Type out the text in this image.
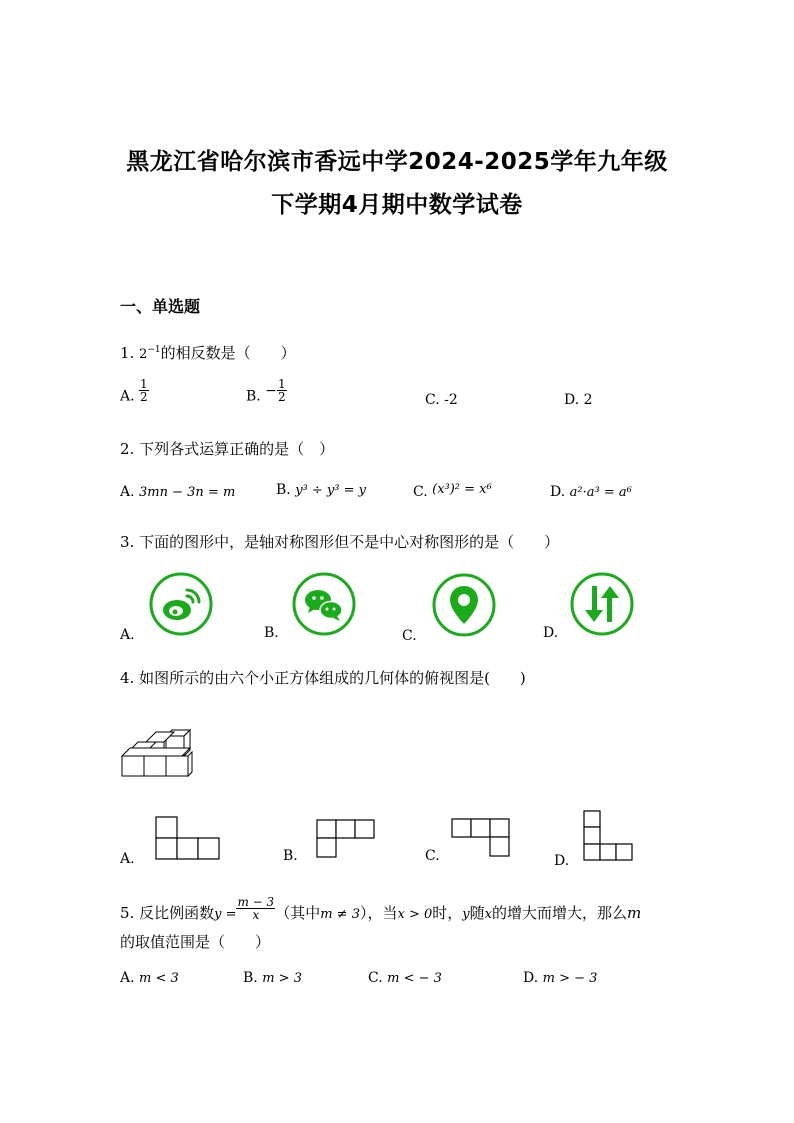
黑龙江省哈尔滨市香远中学2024-2025学年九年级
下学期4月期中数学试卷
一、单选题
1. $2^{-1}$的相反数是（　　）
A. $\frac{1}{2}$	B. − $\frac{1}{2}$	C. -2	D. 2
2. 下列各式运算正确的是（　）
A. 3mn − 3n = m	B. y³ ÷ y³ = y	C. (x³)² = x⁶	D. a²·a³ = a⁶
3. 下面的图形中，是轴对称图形但不是中心对称图形的是（　　）
A.	B.	C.	D.
4. 如图所示的由六个小正方体组成的几何体的俯视图是(　　)
A.	B.	C.	D.
5. 反比例函数$y = \frac{m - 3}{x}$ （其中m ≠ 3），当x > 0时，y随x的增大而增大，那么m
的取值范围是（　　）
A. m < 3	B. m > 3	C. m < − 3	D. m > − 3
